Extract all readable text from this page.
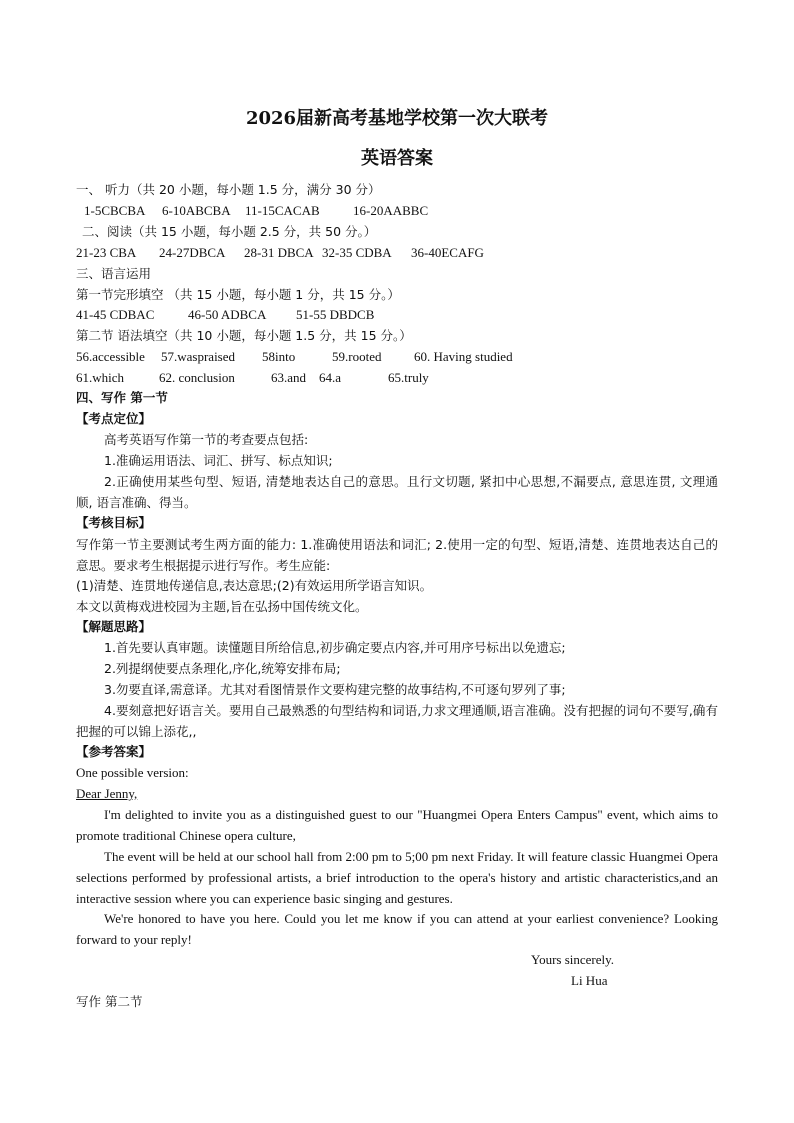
2026届新高考基地学校第一次大联考
英语答案
一、 听力（共 20 小题，每小题 1.5 分，满分 30 分）
1-5CBCBA 6-10ABCBA 11-15CACAB	16-20AABBC
二、阅读（共 15 小题，每小题 2.5 分，共 50 分。）
21-23 CBA 24-27DBCA 28-31 DBCA 32-35 CDBA 36-40ECAFG
三、语言运用
第一节完形填空 （共 15 小题，每小题 1 分，共 15 分。）
41-45 CDBAC	46-50 ADBCA 51-55 DBDCB
第二节 语法填空（共 10 小题，每小题 1.5 分，共 15 分。）
56.accessible 57.waspraised 58into	59.rooted	60. Having studied
61.which	62. conclusion	63.and 64.a	65.truly
四、写作 第一节
【考点定位】
高考英语写作第一节的考查要点包括:
1.准确运用语法、词汇、拼写、标点知识;
2.正确使用某些句型、短语, 清楚地表达自己的意思。且行文切题, 紧扣中心思想,不漏要点, 意思连贯, 文理通顺, 语言准确、得当。
【考核目标】
写作第一节主要测试考生两方面的能力: 1.准确使用语法和词汇; 2.使用一定的句型、短语,清楚、连贯地表达自己的意思。要求考生根据提示进行写作。考生应能:
(1)清楚、连贯地传递信息,表达意思;(2)有效运用所学语言知识。
本文以黄梅戏进校园为主题,旨在弘扬中国传统文化。
【解题思路】
1.首先要认真审题。读懂题目所给信息,初步确定要点内容,并可用序号标出以免遗忘;
2.列提纲使要点条理化,序化,统筹安排布局;
3.勿要直译,需意译。尤其对看图情景作文要构建完整的故事结构,不可逐句罗列了事;
4.要刻意把好语言关。要用自己最熟悉的句型结构和词语,力求文理通顺,语言准确。没有把握的词句不要写,确有把握的可以锦上添花,,
【参考答案】
One possible version:
Dear Jenny,
I'm delighted to invite you as a distinguished guest to our "Huangmei Opera Enters Campus" event, which aims to promote traditional Chinese opera culture,
The event will be held at our school hall from 2:00 pm to 5;00 pm next Friday. It will feature classic Huangmei Opera selections performed by professional artists, a brief introduction to the opera's history and artistic characteristics,and an interactive session where you can experience basic singing and gestures.
We're honored to have you here. Could you let me know if you can attend at your earliest convenience? Looking forward to your reply!
Yours sincerely.
Li Hua
写作 第二节
